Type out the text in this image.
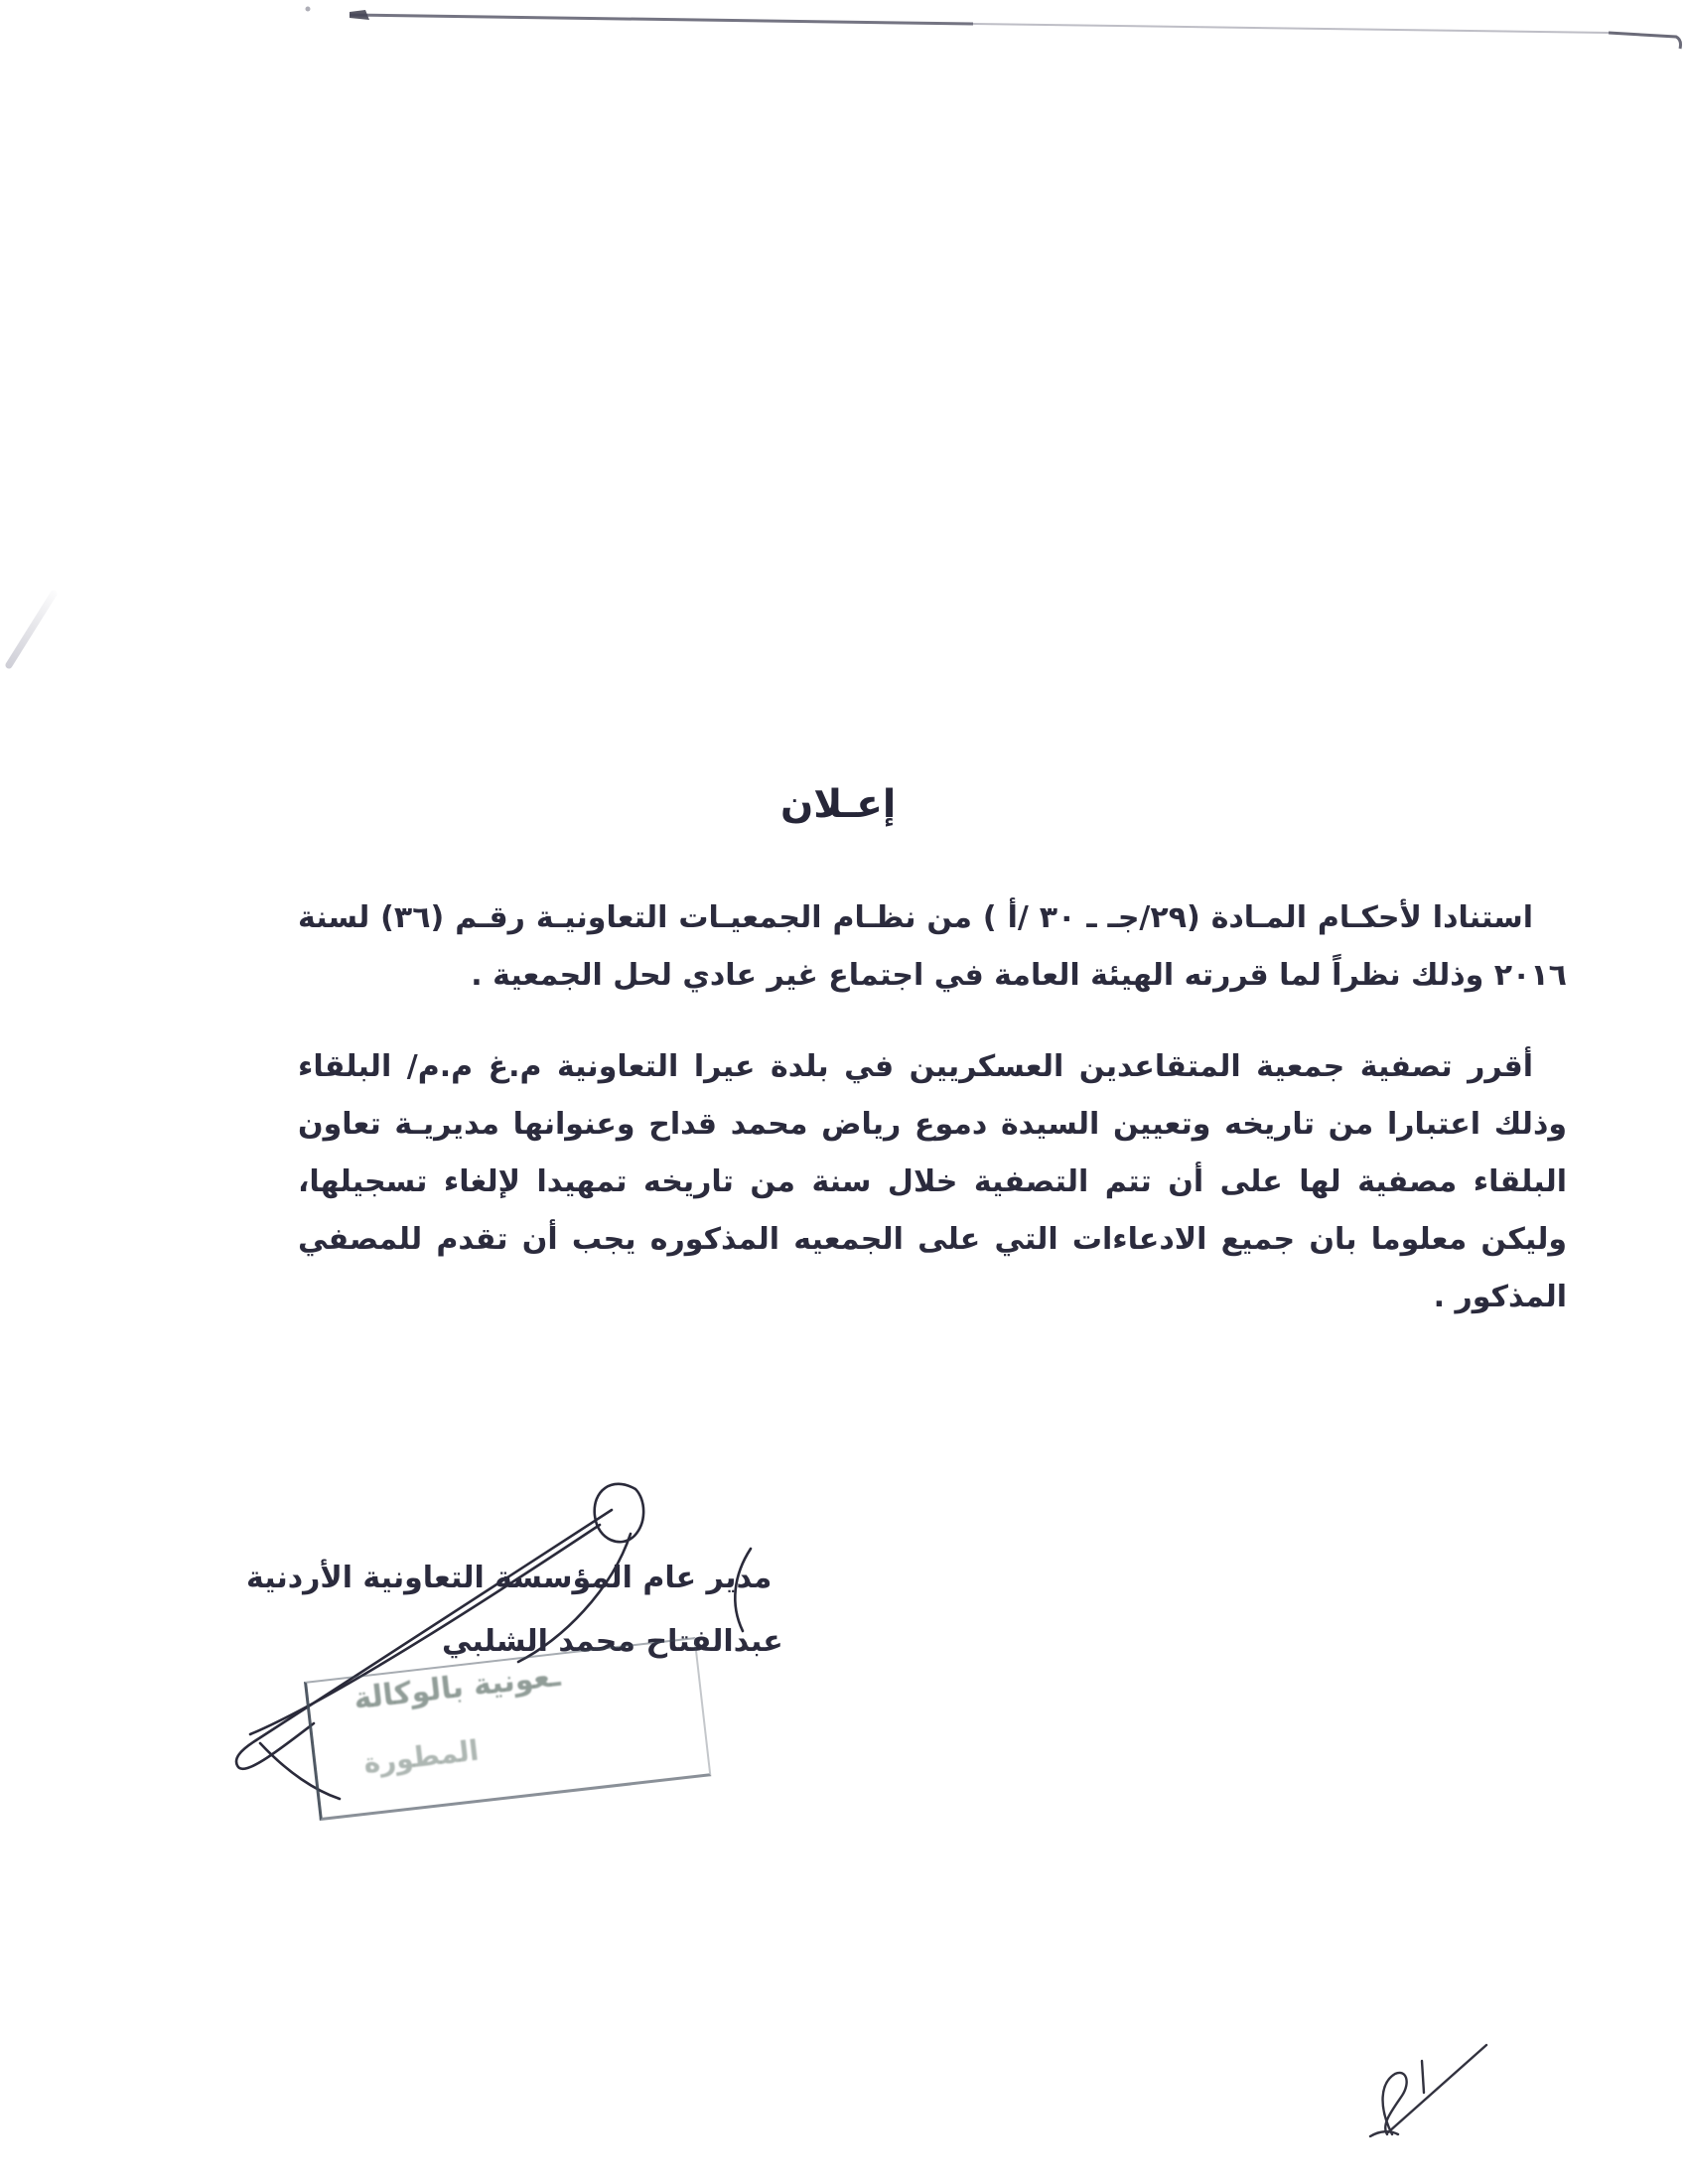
إعـلان

استنادا لأحكـام المـادة (٢٩/جـ ـ ٣٠ /أ ) من نظـام الجمعيـات التعاونيـة رقـم (٣٦) لسنة ٢٠١٦ وذلك نظراً لما قررته الهيئة العامة في اجتماع غير عادي لحل الجمعية .

أقرر تصفية جمعية المتقاعدين العسكريين في بلدة عيرا التعاونية م.غ م.م/ البلقاء وذلك اعتبارا من تاريخه وتعيين السيدة دموع رياض محمد قداح وعنوانها مديريـة تعاون البلقاء مصفية لها على أن تتم التصفية خلال سنة من تاريخه تمهيدا لإلغاء تسجيلها، وليكن معلوما بان جميع الادعاءات التي على الجمعيه المذكوره يجب أن تقدم للمصفي المذكور .

مدير عام المؤسسة التعاونية الأردنية
عبدالفتاح محمد الشلبي
ـعونية بالوكالة
المطورة
